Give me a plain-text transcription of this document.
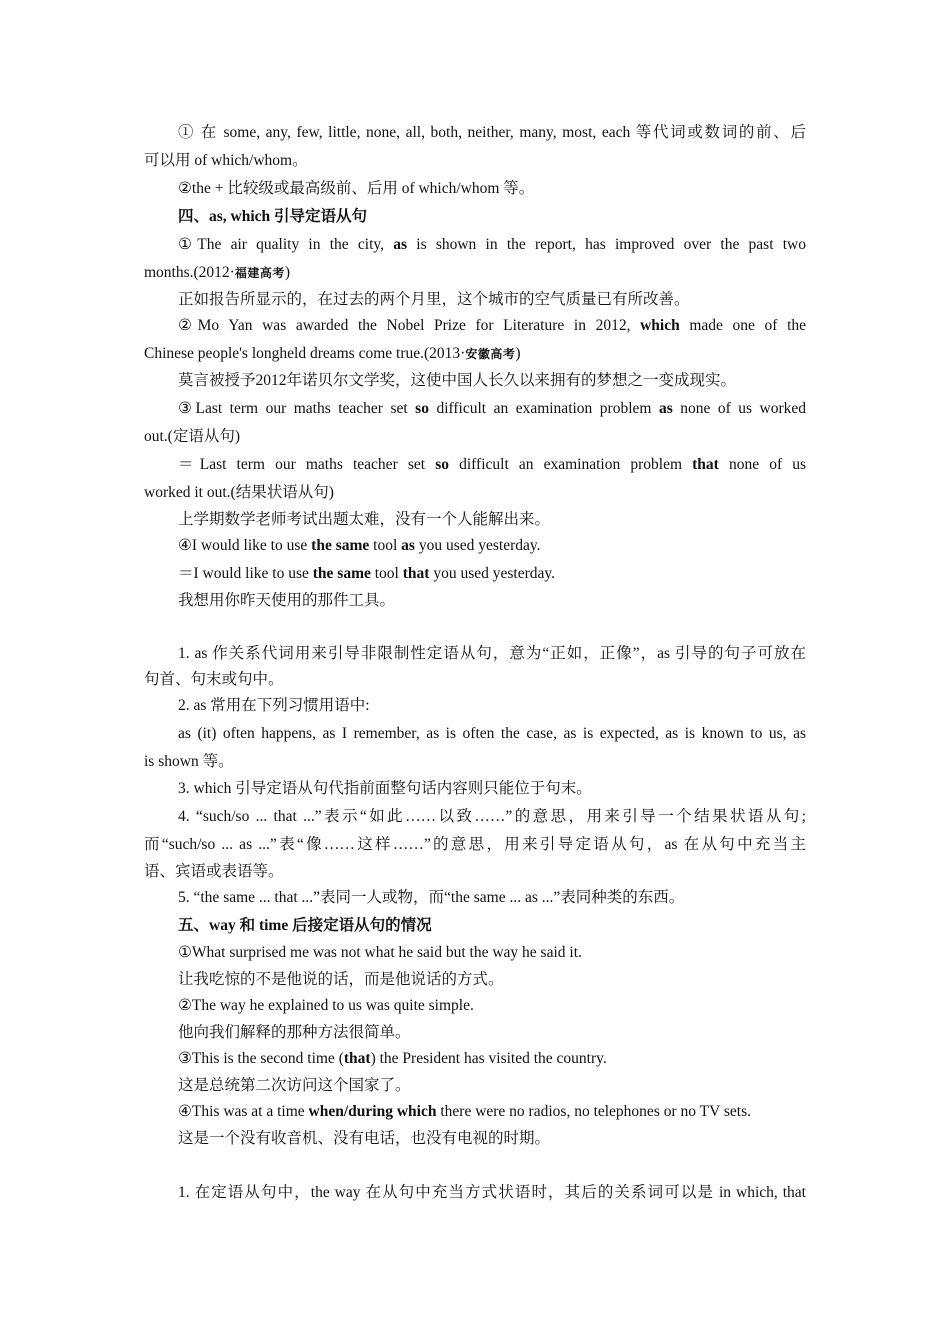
① 在 some, any, few, little, none, all, both, neither, many, most, each 等代词或数词的前、后
可以用 of which/whom。
②the + 比较级或最高级前、后用 of which/whom 等。
四、as, which 引导定语从句
①The air quality in the city, as is shown in the report, has improved over the past two
months.(2012·福建高考)
正如报告所显示的，在过去的两个月里，这个城市的空气质量已有所改善。
②Mo Yan was awarded the Nobel Prize for Literature in 2012, which made one of the
Chinese people's longheld dreams come true.(2013·安徽高考)
莫言被授予2012年诺贝尔文学奖，这使中国人长久以来拥有的梦想之一变成现实。
③Last term our maths teacher set so difficult an examination problem as none of us worked
out.(定语从句)
＝Last term our maths teacher set so difficult an examination problem that none of us
worked it out.(结果状语从句)
上学期数学老师考试出题太难，没有一个人能解出来。
④I would like to use the same tool as you used yesterday.
＝I would like to use the same tool that you used yesterday.
我想用你昨天使用的那件工具。
1. as 作关系代词用来引导非限制性定语从句，意为“正如，正像”，as 引导的句子可放在
句首、句末或句中。
2. as 常用在下列习惯用语中:
as (it) often happens, as I remember, as is often the case, as is expected, as is known to us, as
is shown 等。
3. which 引导定语从句代指前面整句话内容则只能位于句末。
4. “such/so ... that ...”表示“如此……以致……”的意思，用来引导一个结果状语从句;
而“such/so ... as ...”表“像……这样……”的意思，用来引导定语从句，as 在从句中充当主
语、宾语或表语等。
5. “the same ... that ...”表同一人或物，而“the same ... as ...”表同种类的东西。
五、way 和 time 后接定语从句的情况
①What surprised me was not what he said but the way he said it.
让我吃惊的不是他说的话，而是他说话的方式。
②The way he explained to us was quite simple.
他向我们解释的那种方法很简单。
③This is the second time (that) the President has visited the country.
这是总统第二次访问这个国家了。
④This was at a time when/during which there were no radios, no telephones or no TV sets.
这是一个没有收音机、没有电话，也没有电视的时期。
1. 在定语从句中，the way 在从句中充当方式状语时，其后的关系词可以是 in which, that
